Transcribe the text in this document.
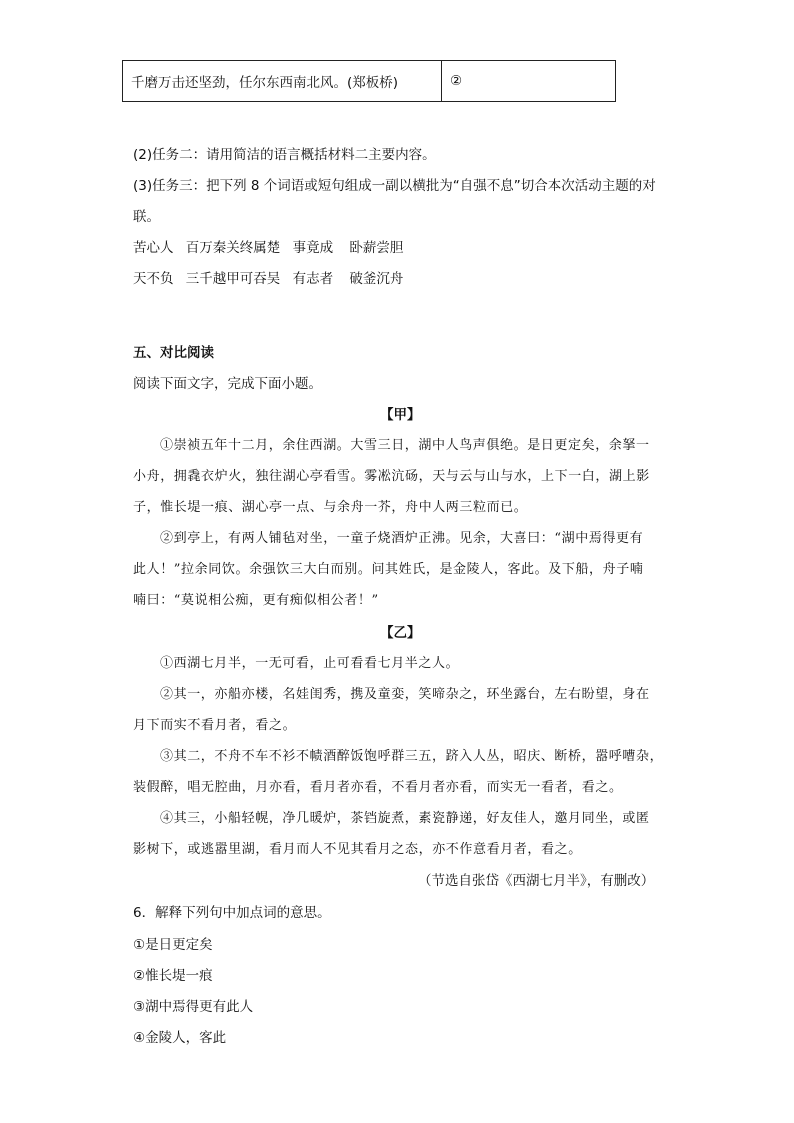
千磨万击还坚劲，任尔东西南北风。(郑板桥)	②
(2)任务二：请用简洁的语言概括材料二主要内容。
(3)任务三：把下列 8 个词语或短句组成一副以横批为“自强不息”切合本次活动主题的对
联。
苦心人 百万秦关终属楚 事竟成 卧薪尝胆
天不负 三千越甲可吞吴 有志者 破釜沉舟
五、对比阅读
阅读下面文字，完成下面小题。
【甲】
①崇祯五年十二月，余住西湖。大雪三日，湖中人鸟声俱绝。是日更定矣，余拏一
小舟，拥毳衣炉火，独往湖心亭看雪。雾凇沆砀，天与云与山与水，上下一白，湖上影
子，惟长堤一痕、湖心亭一点、与余舟一芥，舟中人两三粒而已。
②到亭上，有两人铺毡对坐，一童子烧酒炉正沸。见余，大喜曰：“湖中焉得更有
此人！”拉余同饮。余强饮三大白而别。问其姓氏，是金陵人，客此。及下船，舟子喃
喃曰：“莫说相公痴，更有痴似相公者！”
【乙】
①西湖七月半，一无可看，止可看看七月半之人。
②其一，亦船亦楼，名娃闺秀，携及童娈，笑啼杂之，环坐露台，左右盼望，身在
月下而实不看月者，看之。
③其二，不舟不车不衫不帻酒醉饭饱呼群三五，跻入人丛，昭庆、断桥，嚣呼嘈杂，
装假醉，唱无腔曲，月亦看，看月者亦看，不看月者亦看，而实无一看者，看之。
④其三，小船轻幌，净几暖炉，茶铛旋煮，素瓷静递，好友佳人，邀月同坐，或匿
影树下，或逃嚣里湖，看月而人不见其看月之态，亦不作意看月者，看之。
（节选自张岱《西湖七月半》，有删改）
6．解释下列句中加点词的意思。
①是日更定矣
②惟长堤一痕
③湖中焉得更有此人
④金陵人，客此
